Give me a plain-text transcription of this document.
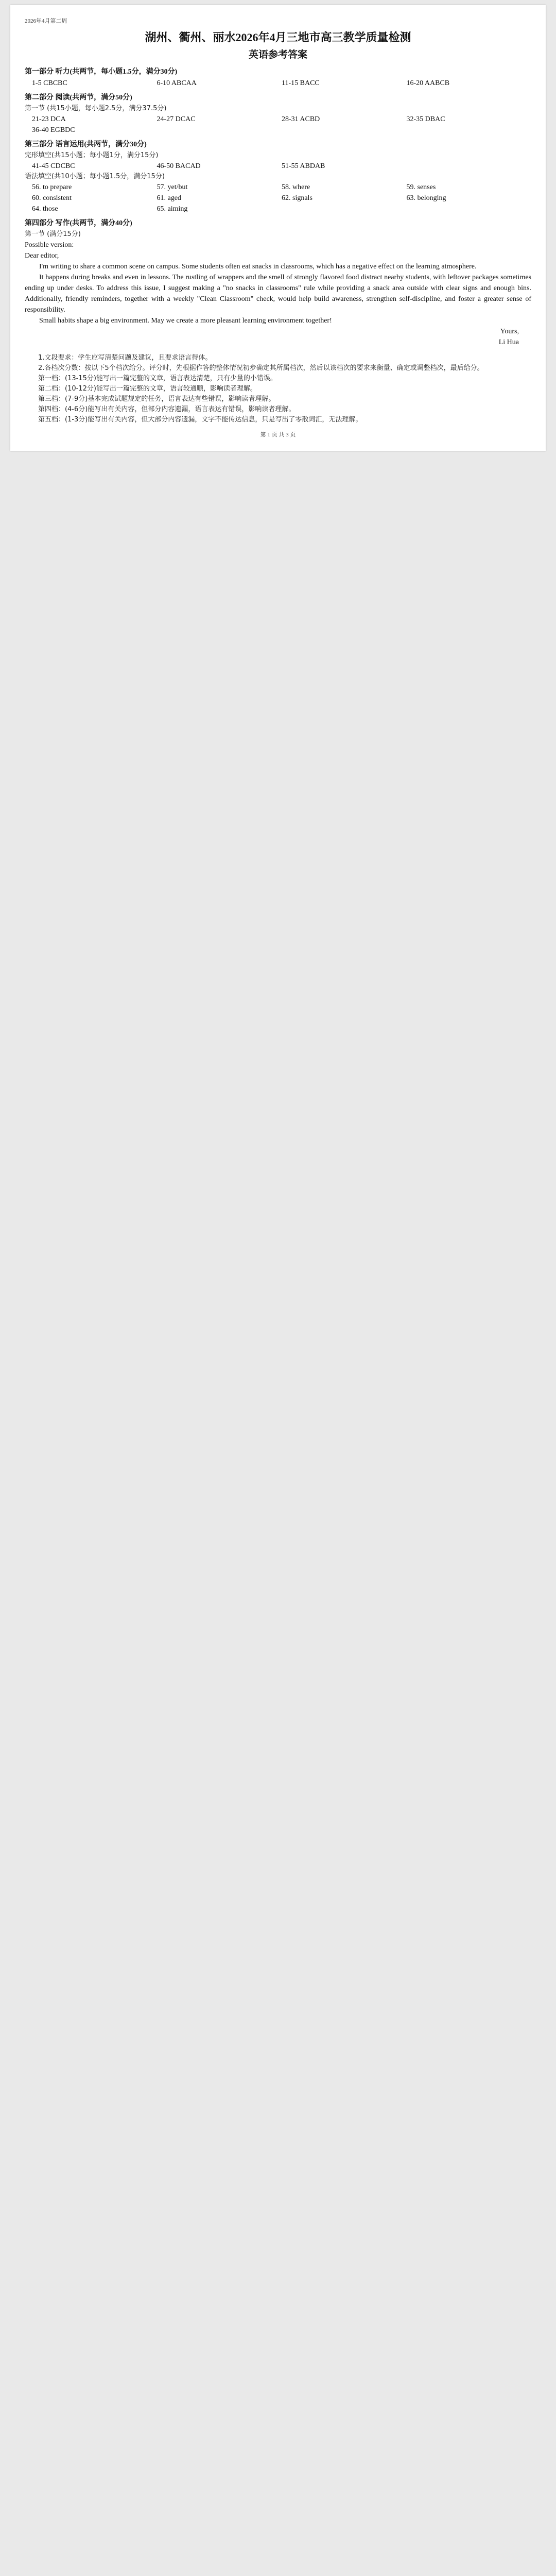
2026年4月第二周
湖州、衢州、丽水2026年4月三地市高三教学质量检测
英语参考答案
第一部分 听力(共两节，每小题1.5分，满分30分)
1-5 CBCBC	6-10 ABCAA	11-15 BACC	16-20 AABCB
第二部分 阅读(共两节，满分50分)
第一节 (共15小题，每小题2.5分，满分37.5分)
21-23 DCA	24-27 DCAC	28-31 ACBD	32-35 DBAC
36-40 EGBDC
第三部分 语言运用(共两节，满分30分)
完形填空(共15小题；每小题1分，满分15分)
41-45 CDCBC	46-50 BACAD	51-55 ABDAB
语法填空(共10小题；每小题1.5分，满分15分)
56. to prepare	57. yet/but	58. where	59. senses
60. consistent	61. aged	62. signals	63. belonging
64. those	65. aiming
第四部分 写作(共两节，满分40分)
第一节 (满分15分)

Possible version:

Dear editor,

I'm writing to share a common scene on campus. Some students often eat snacks in classrooms, which has a negative effect on the learning atmosphere.

It happens during breaks and even in lessons. The rustling of wrappers and the smell of strongly flavored food distract nearby students, with leftover packages sometimes ending up under desks. To address this issue, I suggest making a "no snacks in classrooms" rule while providing a snack area outside with clear signs and enough bins. Additionally, friendly reminders, together with a weekly "Clean Classroom" check, would help build awareness, strengthen self-discipline, and foster a greater sense of responsibility.

Small habits shape a big environment. May we create a more pleasant learning environment together!

Yours,

Li Hua

1.文段要求：学生应写清楚问题及建议，且要求语言得体。

2.各档次分数：按以下5个档次给分。评分时，先根据作答的整体情况初步确定其所属档次，然后以该档次的要求来衡量、确定或调整档次，最后给分。

第一档：(13-15分)能写出一篇完整的文章，语言表达清楚，只有少量的小错误。

第二档：(10-12分)能写出一篇完整的文章，语言较通顺，影响读者理解。

第三档：(7-9分)基本完成试题规定的任务，语言表达有些错误，影响读者理解。

第四档：(4-6分)能写出有关内容，但部分内容遗漏，语言表达有错误，影响读者理解。

第五档：(1-3分)能写出有关内容，但大部分内容遗漏，文字不能传达信息，只是写出了零散词汇，无法理解。

第 1 页 共 3 页
